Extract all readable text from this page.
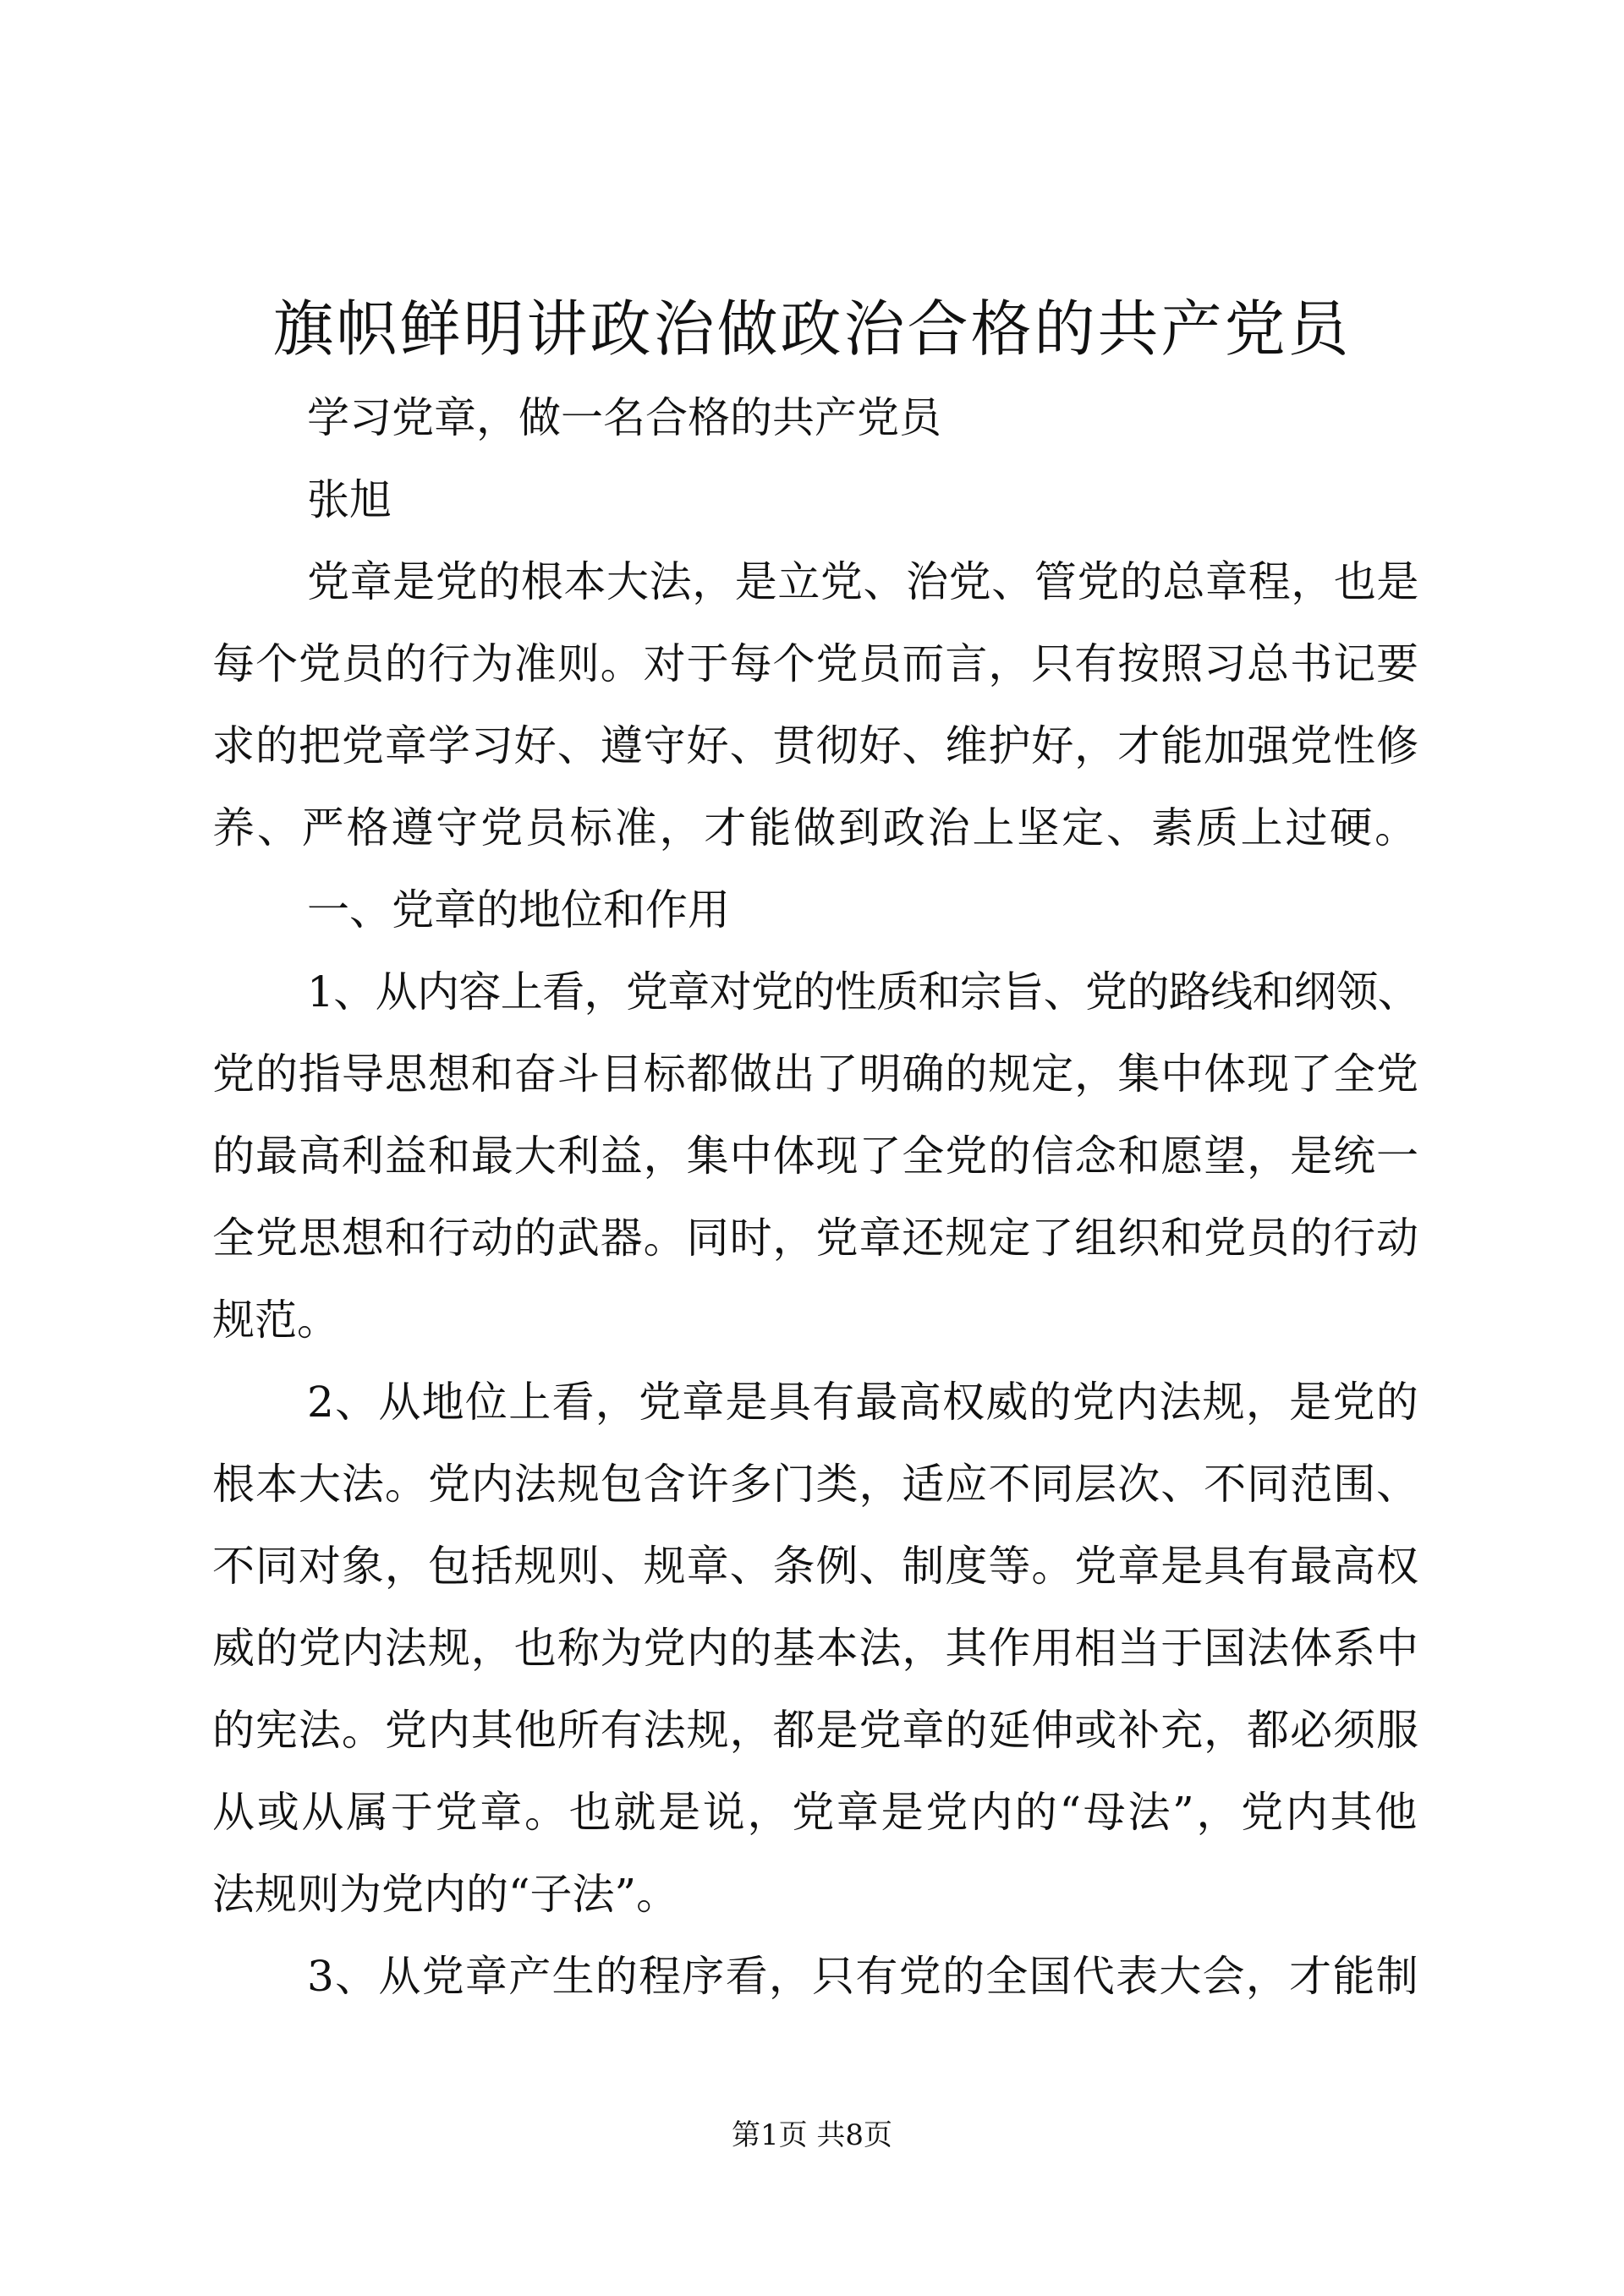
旗帜鲜明讲政治做政治合格的共产党员
学习党章，做一名合格的共产党员
张旭
党章是党的根本大法，是立党、治党、管党的总章程，也是
每个党员的行为准则。对于每个党员而言，只有按照习总书记要
求的把党章学习好、遵守好、贯彻好、维护好，才能加强党性修
养、严格遵守党员标准，才能做到政治上坚定、素质上过硬。
一、党章的地位和作用
1、从内容上看，党章对党的性质和宗旨、党的路线和纲领、
党的指导思想和奋斗目标都做出了明确的规定，集中体现了全党
的最高利益和最大利益，集中体现了全党的信念和愿望，是统一
全党思想和行动的武器。同时，党章还规定了组织和党员的行动
规范。
2、从地位上看，党章是具有最高权威的党内法规，是党的
根本大法。党内法规包含许多门类，适应不同层次、不同范围、
不同对象，包括规则、规章、条例、制度等。党章是具有最高权
威的党内法规，也称为党内的基本法，其作用相当于国法体系中
的宪法。党内其他所有法规，都是党章的延伸或补充，都必须服
从或从属于党章。也就是说，党章是党内的“母法”，党内其他
法规则为党内的“子法”。
3、从党章产生的程序看，只有党的全国代表大会，才能制
第1页 共8页
